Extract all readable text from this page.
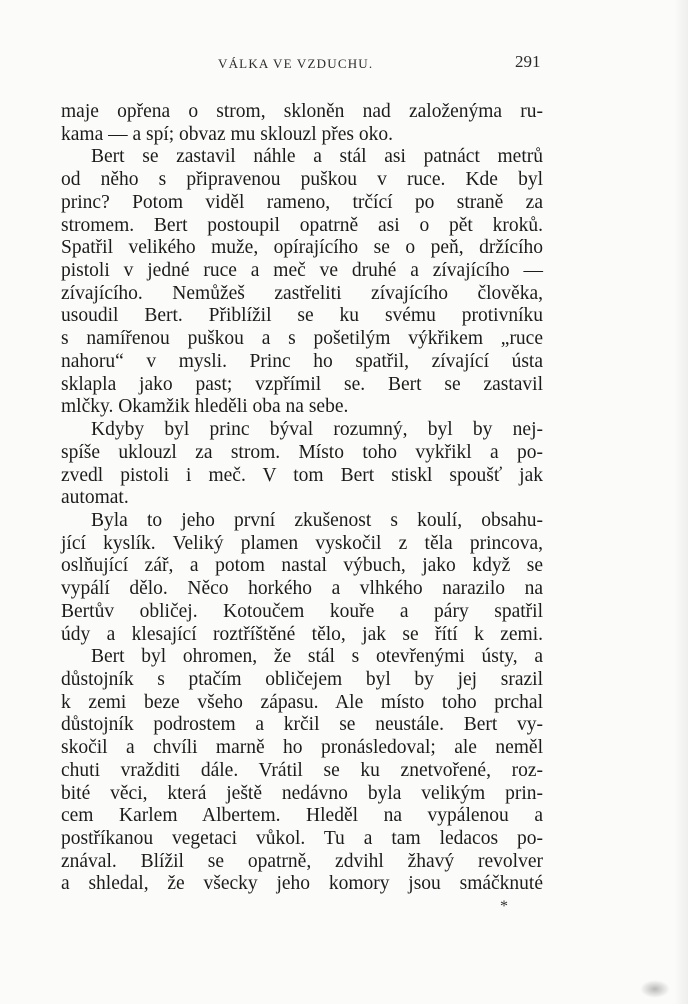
VÁLKA VE VZDUCHU.	291
maje opřena o strom, skloněn nad založenýma ru-
kama — a spí; obvaz mu sklouzl přes oko.
Bert se zastavil náhle a stál asi patnáct metrů
od něho s připravenou puškou v ruce. Kde byl
princ? Potom viděl rameno, trčící po straně za
stromem. Bert postoupil opatrně asi o pět kroků.
Spatřil velikého muže, opírajícího se o peň, držícího
pistoli v jedné ruce a meč ve druhé a zívajícího —
zívajícího. Nemůžeš zastřeliti zívajícího člověka,
usoudil Bert. Přiblížil se ku svému protivníku
s namířenou puškou a s pošetilým výkřikem „ruce
nahoru“ v mysli. Princ ho spatřil, zívající ústa
sklapla jako past; vzpřímil se. Bert se zastavil
mlčky. Okamžik hleděli oba na sebe.
Kdyby byl princ býval rozumný, byl by nej-
spíše uklouzl za strom. Místo toho vykřikl a po-
zvedl pistoli i meč. V tom Bert stiskl spoušť jak
automat.
Byla to jeho první zkušenost s koulí, obsahu-
jící kyslík. Veliký plamen vyskočil z těla princova,
oslňující zář, a potom nastal výbuch, jako když se
vypálí dělo. Něco horkého a vlhkého narazilo na
Bertův obličej. Kotoučem kouře a páry spatřil
údy a klesající roztříštěné tělo, jak se řítí k zemi.
Bert byl ohromen, že stál s otevřenými ústy, a
důstojník s ptačím obličejem byl by jej srazil
k zemi beze všeho zápasu. Ale místo toho prchal
důstojník podrostem a krčil se neustále. Bert vy-
skočil a chvíli marně ho pronásledoval; ale neměl
chuti vražditi dále. Vrátil se ku znetvořené, roz-
bité věci, která ještě nedávno byla velikým prin-
cem Karlem Albertem. Hleděl na vypálenou a
postříkanou vegetaci vůkol. Tu a tam ledacos po-
znával. Blížil se opatrně, zdvihl žhavý revolver
a shledal, že všecky jeho komory jsou smáčknuté
*
